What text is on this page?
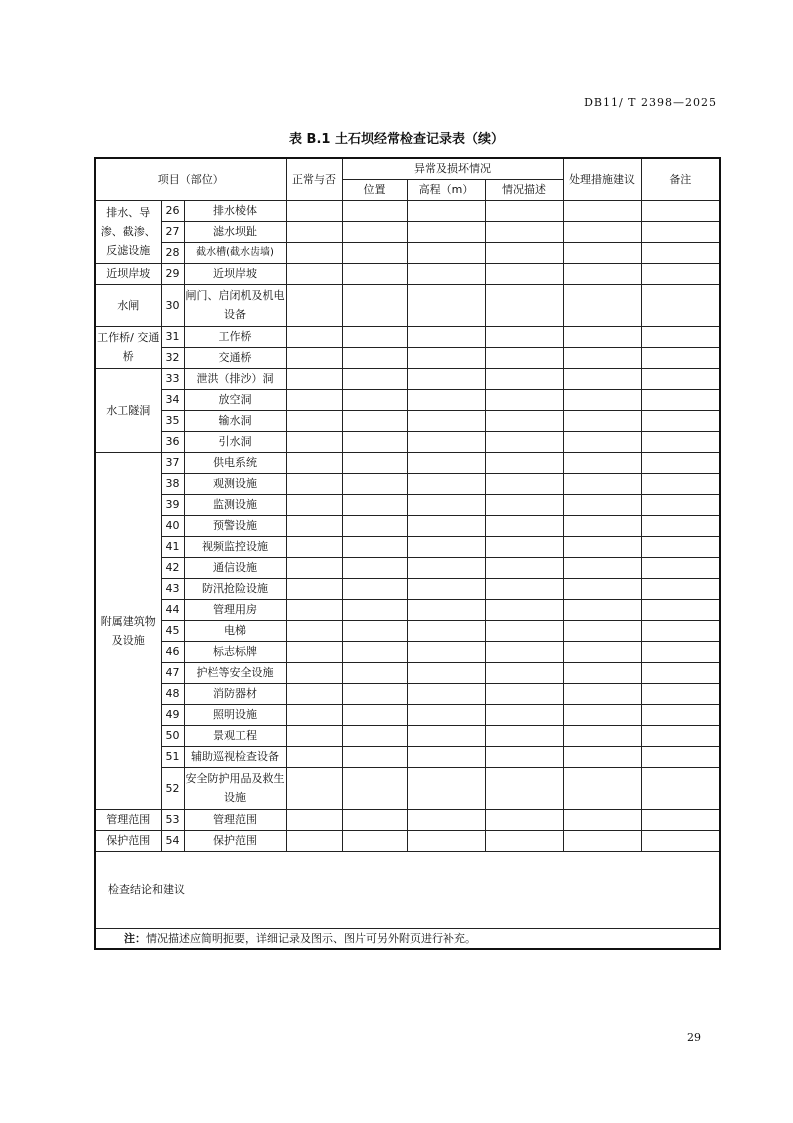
DB11/ T 2398—2025
表 B.1 土石坝经常检查记录表（续）
项目（部位）			正常与否	异常及损坏情况			处理措施建议	备注
				位置	高程（m）	情况描述		
排水、导渗、截渗、反滤设施	26	排水棱体						
	27	滤水坝趾						
	28	截水槽(截水齿墙)						
近坝岸坡	29	近坝岸坡						
水闸	30	闸门、启闭机及机电设备						
工作桥/ 交通桥	31	工作桥						
	32	交通桥						
水工隧洞	33	泄洪（排沙）洞						
	34	放空洞						
	35	输水洞						
	36	引水洞						
附属建筑物及设施	37	供电系统						
	38	观测设施						
	39	监测设施						
	40	预警设施						
	41	视频监控设施						
	42	通信设施						
	43	防汛抢险设施						
	44	管理用房						
	45	电梯						
	46	标志标牌						
	47	护栏等安全设施						
	48	消防器材						
	49	照明设施						
	50	景观工程						
	51	辅助巡视检查设备						
	52	安全防护用品及救生设施						
管理范围	53	管理范围						
保护范围	54	保护范围						
检查结论和建议								
注：情况描述应简明扼要，详细记录及图示、图片可另外附页进行补充。								
29
